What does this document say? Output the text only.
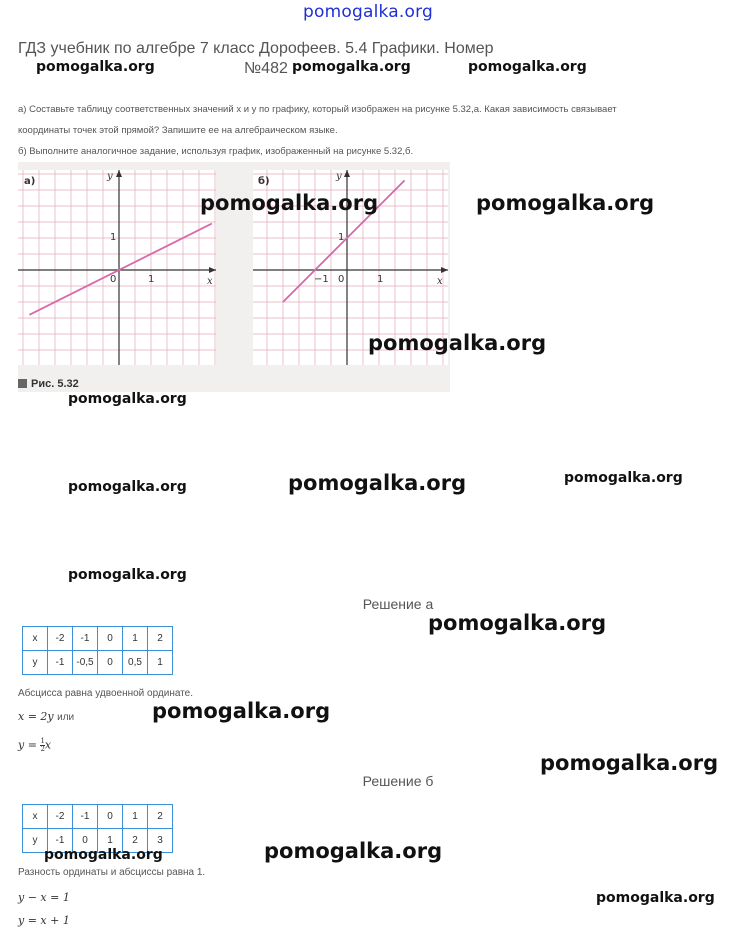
pomogalka.org
ГДЗ учебник по алгебре 7 класс Дорофеев. 5.4 Графики. Номер
№482
а) Составьте таблицу соответственных значений x и y по графику, который изображен на рисунке 5.32,а. Какая зависимость связывает
координаты точек этой прямой? Запишите ее на алгебраическом языке.
б) Выполните аналогичное задание, используя график, изображенный на рисунке 5.32,б.
а)	y
x
1
0	1
б)	y
x
1
0
−1	1
Рис. 5.32
Решение а
x	-2	-1	0	1	2
y	-1	-0,5	0	0,5	1
Абсцисса равна удвоенной ординате.
x = 2y или
$y = \frac{1}{2}$ x
Решение б
x	-2	-1	0	1	2
y	-1	0	1	2	3
Разность ординаты и абсциссы равна 1.
y − x = 1
y = x + 1
pomogalka.org	pomogalka.org	pomogalka.org
pomogalka.org	pomogalka.org
pomogalka.org
pomogalka.org
pomogalka.org	pomogalka.org	pomogalka.org
pomogalka.org
pomogalka.org
pomogalka.org
pomogalka.org
pomogalka.org	pomogalka.org
pomogalka.org
